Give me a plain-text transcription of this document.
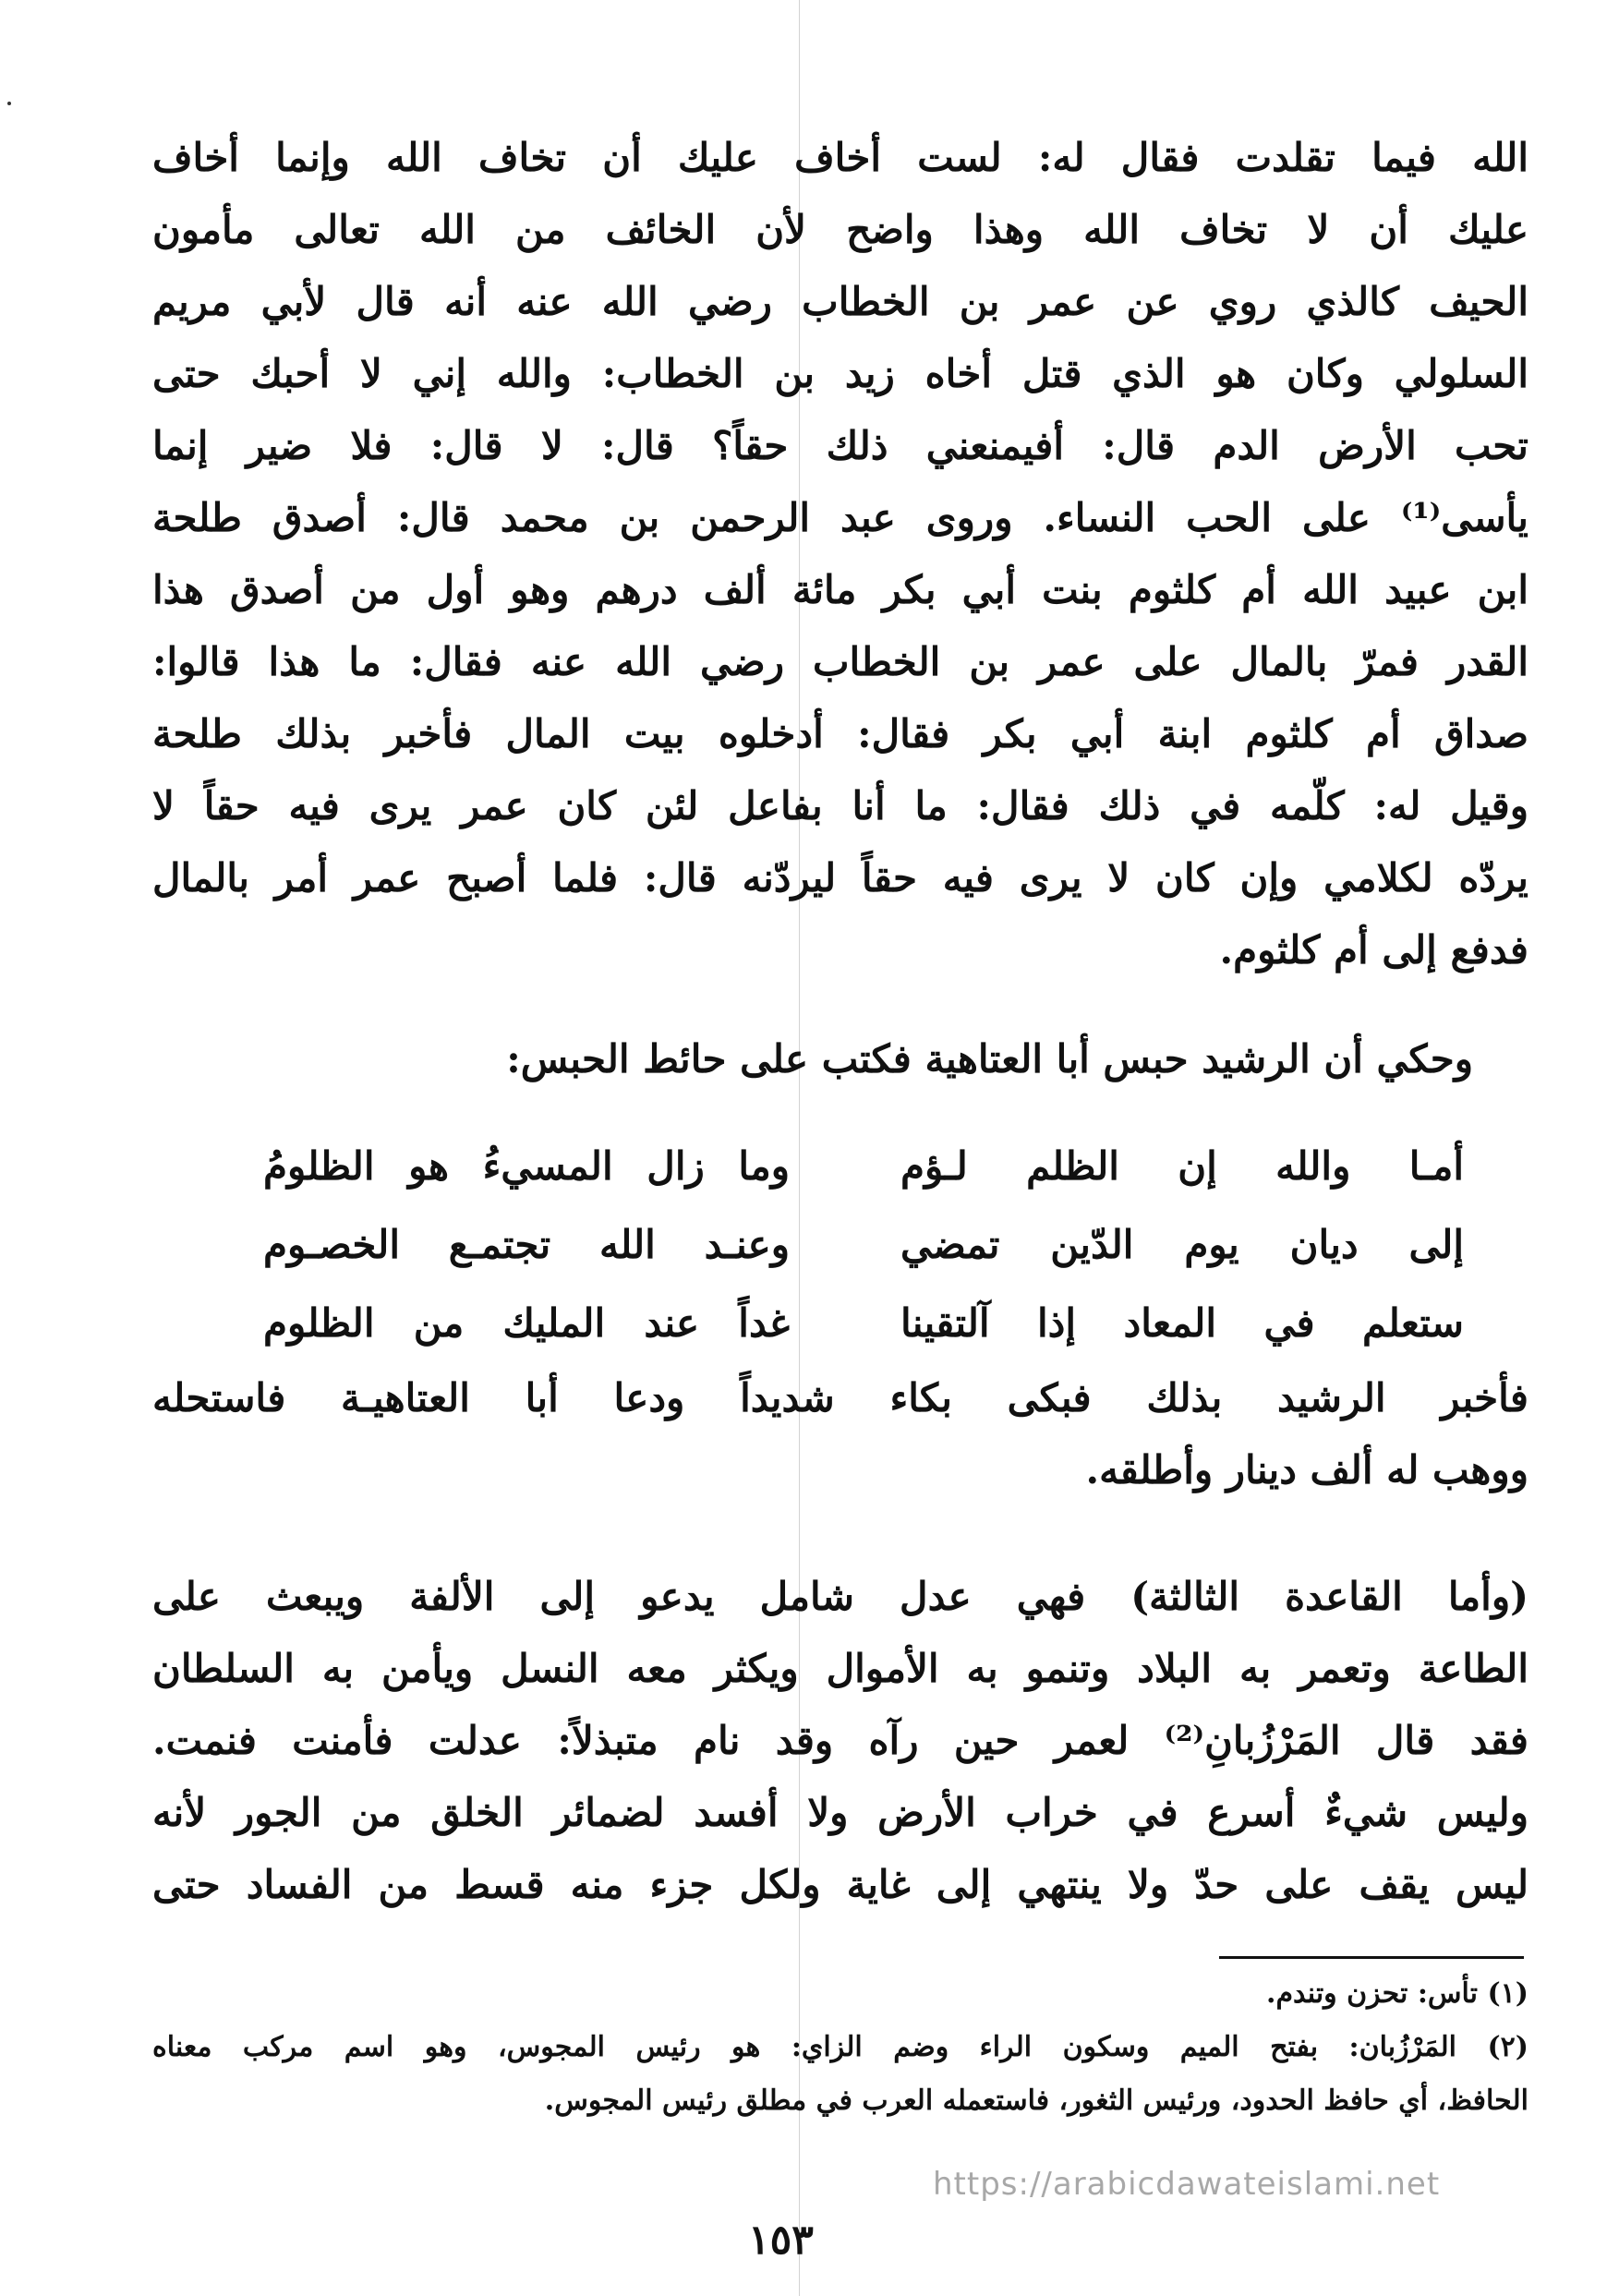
الله فيما تقلدت فقال له: لست أخاف عليك أن تخاف الله وإنما أخاف
عليك أن لا تخاف الله وهذا واضح لأن الخائف من الله تعالى مأمون
الحيف كالذي روي عن عمر بن الخطاب رضي الله عنه أنه قال لأبي مريم
السلولي وكان هو الذي قتل أخاه زيد بن الخطاب: والله إني لا أحبك حتى
تحب الأرض الدم قال: أفيمنعني ذلك حقاً؟ قال: لا قال: فلا ضير إنما
يأسى⁽¹⁾ على الحب النساء. وروى عبد الرحمن بن محمد قال: أصدق طلحة
ابن عبيد الله أم كلثوم بنت أبي بكر مائة ألف درهم وهو أول من أصدق هذا
القدر فمرّ بالمال على عمر بن الخطاب رضي الله عنه فقال: ما هذا قالوا:
صداق أم كلثوم ابنة أبي بكر فقال: أدخلوه بيت المال فأخبر بذلك طلحة
وقيل له: كلّمه في ذلك فقال: ما أنا بفاعل لئن كان عمر يرى فيه حقاً لا
يردّه لكلامي وإن كان لا يرى فيه حقاً ليردّنه قال: فلما أصبح عمر أمر بالمال
فدفع إلى أم كلثوم.
وحكي أن الرشيد حبس أبا العتاهية فكتب على حائط الحبس:
أمـا والله إن الظلم لـؤم
وما زال المسيءُ هو الظلومُ
إلى ديان يوم الدّين تمضي
وعنـد الله تجتمـع الخصـوم
ستعلم في المعاد إذا آلتقينا
غداً عند المليك من الظلوم
فأخبر الرشيد بذلك فبكى بكاء شديداً ودعا أبا العتاهيـة فاستحله
ووهب له ألف دينار وأطلقه.
(وأما القاعدة الثالثة) فهي عدل شامل يدعو إلى الألفة ويبعث على
الطاعة وتعمر به البلاد وتنمو به الأموال ويكثر معه النسل ويأمن به السلطان
فقد قال المَرْزُبانِ⁽²⁾ لعمر حين رآه وقد نام متبذلاً: عدلت فأمنت فنمت.
وليس شيءٌ أسرع في خراب الأرض ولا أفسد لضمائر الخلق من الجور لأنه
ليس يقف على حدّ ولا ينتهي إلى غاية ولكل جزء منه قسط من الفساد حتى
(١) تأس: تحزن وتندم.
(٢) المَرْزُبان: بفتح الميم وسكون الراء وضم الزاي: هو رئيس المجوس، وهو اسم مركب معناه
الحافظ، أي حافظ الحدود، ورئيس الثغور، فاستعمله العرب في مطلق رئيس المجوس.
https://arabicdawateislami.net
١٥٣
